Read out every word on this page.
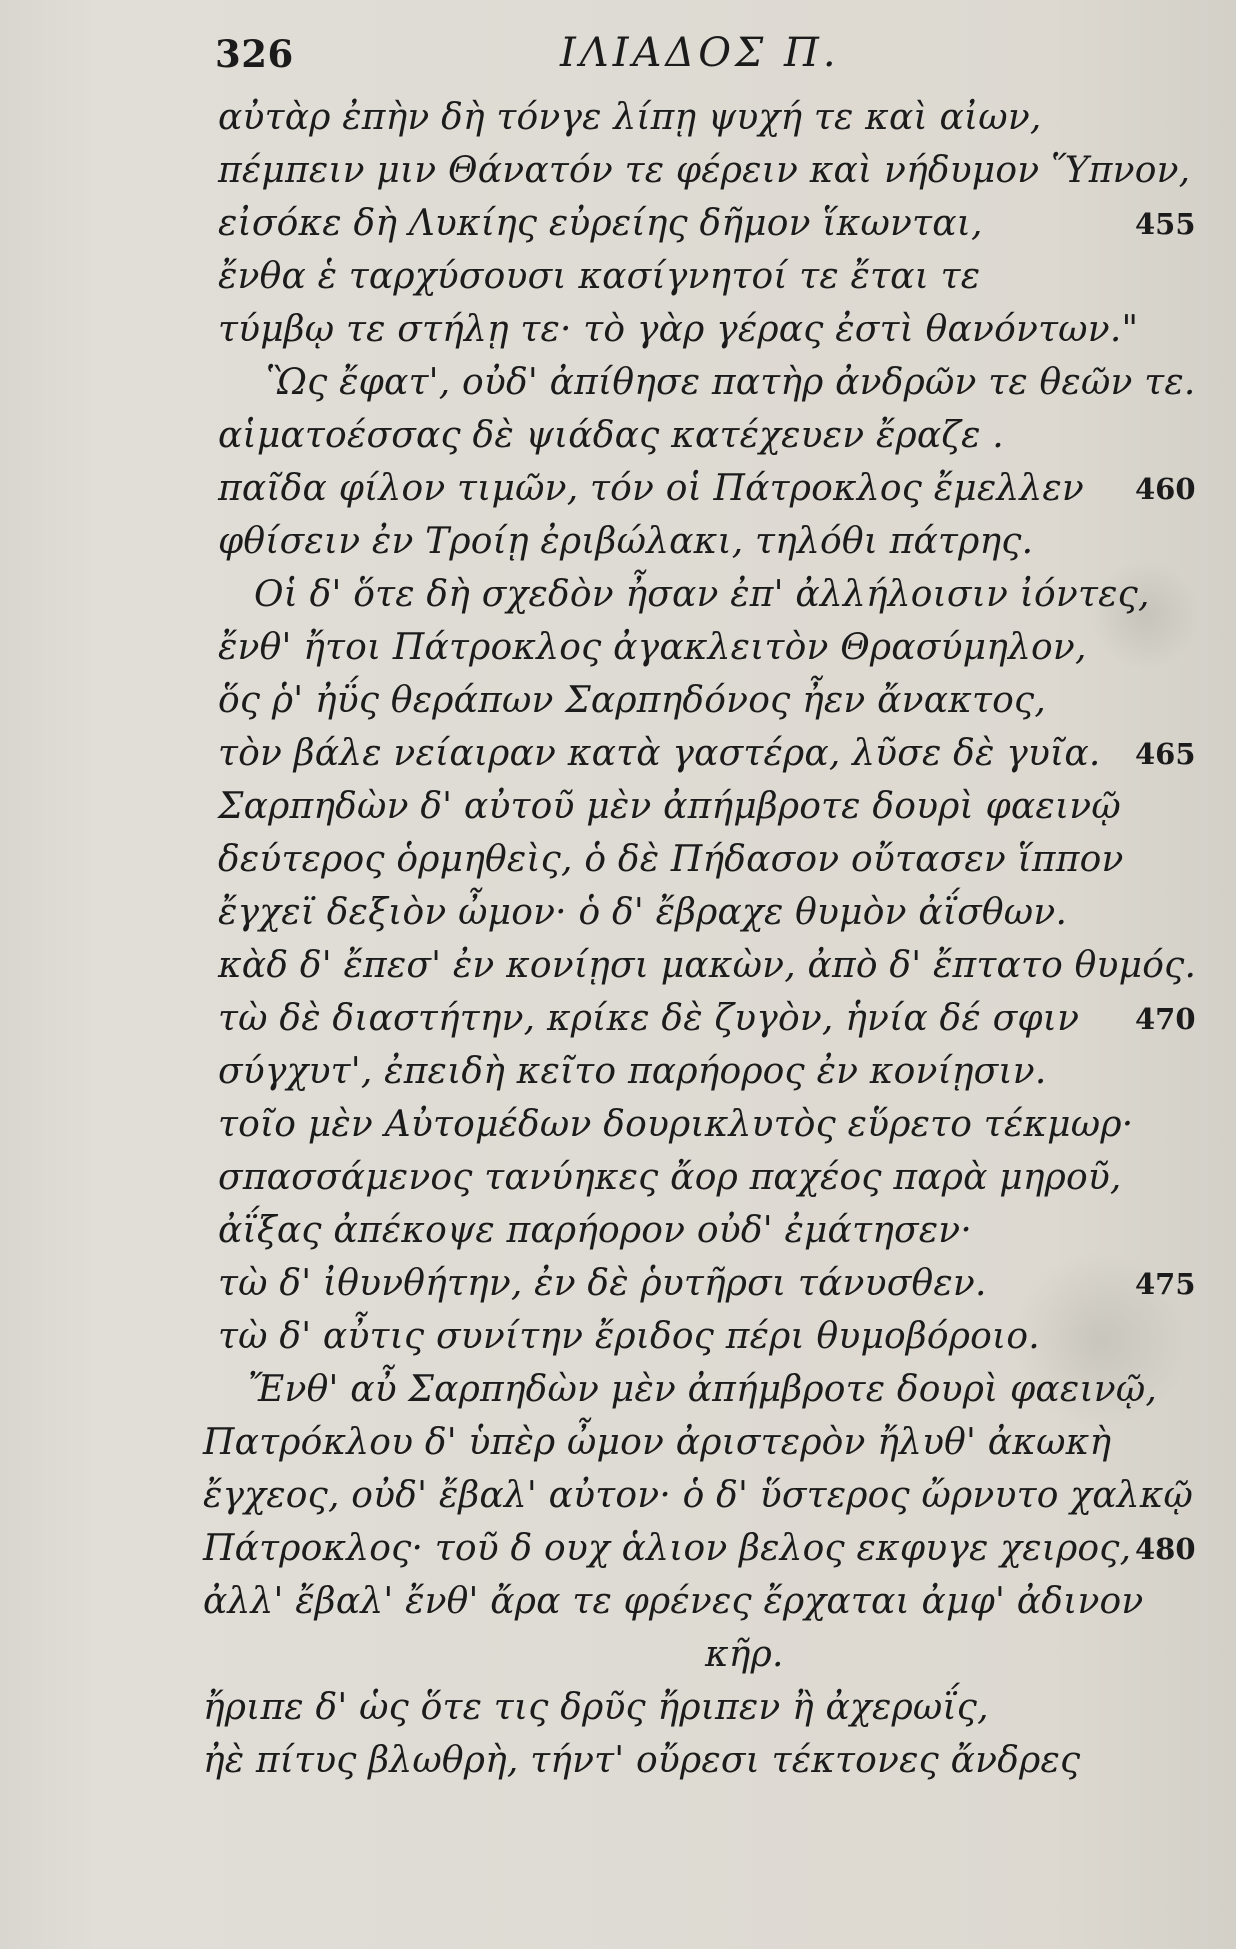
326	ΙΛΙΑΔΟΣ Π.
αὐτὰρ ἐπὴν δὴ τόνγε λίπῃ ψυχή τε καὶ αἰων,
πέμπειν μιν Θάνατόν τε φέρειν καὶ νήδυμον Ὕπνον,
εἰσόκε δὴ Λυκίης εὐρείης δῆμον ἵκωνται,	455
ἔνθα ἑ ταρχύσουσι κασίγνητοί τε ἔται τε
τύμβῳ τε στήλῃ τε· τὸ γὰρ γέρας ἐστὶ θανόντων."
Ὣς ἔφατ', οὐδ' ἀπίθησε πατὴρ ἀνδρῶν τε θεῶν τε.
αἱματοέσσας δὲ ψιάδας κατέχευεν ἔραζε .
παῖδα φίλον τιμῶν, τόν οἱ Πάτροκλος ἔμελλεν 460
φθίσειν ἐν Τροίῃ ἐριβώλακι, τηλόθι πάτρης.
Οἱ δ' ὅτε δὴ σχεδὸν ἦσαν ἐπ' ἀλλήλοισιν ἰόντες,
ἔνθ' ἤτοι Πάτροκλος ἀγακλειτὸν Θρασύμηλον,
ὅς ῥ' ἠΰς θεράπων Σαρπηδόνος ἦεν ἄνακτος,
τὸν βάλε νείαιραν κατὰ γαστέρα, λῦσε δὲ γυῖα. 465
Σαρπηδὼν δ' αὐτοῦ μὲν ἀπήμβροτε δουρὶ φαεινῷ
δεύτερος ὁρμηθεὶς, ὁ δὲ Πήδασον οὔτασεν ἵππον
ἔγχεϊ δεξιὸν ὦμον· ὁ δ' ἔβραχε θυμὸν ἀΐσθων.
κὰδ δ' ἔπεσ' ἐν κονίῃσι μακὼν, ἀπὸ δ' ἔπτατο θυμός.
τὼ δὲ διαστήτην, κρίκε δὲ ζυγὸν, ἡνία δέ σφιν 470
σύγχυτ', ἐπειδὴ κεῖτο παρήορος ἐν κονίῃσιν.
τοῖο μὲν Αὐτομέδων δουρικλυτὸς εὕρετο τέκμωρ·
σπασσάμενος τανύηκες ἄορ παχέος παρὰ μηροῦ,
ἀΐξας ἀπέκοψε παρήορον οὐδ' ἐμάτησεν·
τὼ δ' ἰθυνθήτην, ἐν δὲ ῥυτῆρσι τάνυσθεν.	475
τὼ δ' αὖτις συνίτην ἔριδος πέρι θυμοβόροιο.
Ἔνθ' αὖ Σαρπηδὼν μὲν ἀπήμβροτε δουρὶ φαεινῷ,
Πατρόκλου δ' ὑπὲρ ὦμον ἀριστερὸν ἤλυθ' ἀκωκὴ
ἔγχεος, οὐδ' ἔβαλ' αὐτον· ὁ δ' ὕστερος ὤρνυτο χαλκῷ
Πάτροκλος· τοῦ δ ουχ ἁλιον βελος εκφυγε χειρος, 480
ἀλλ' ἔβαλ' ἔνθ' ἄρα τε φρένες ἔρχαται ἀμφ' ἀδινον
κῆρ.
ἤριπε δ' ὡς ὅτε τις δρῦς ἤριπεν ἢ ἀχερωΐς,
ἠὲ πίτυς βλωθρὴ, τήντ' οὔρεσι τέκτονες ἄνδρες
